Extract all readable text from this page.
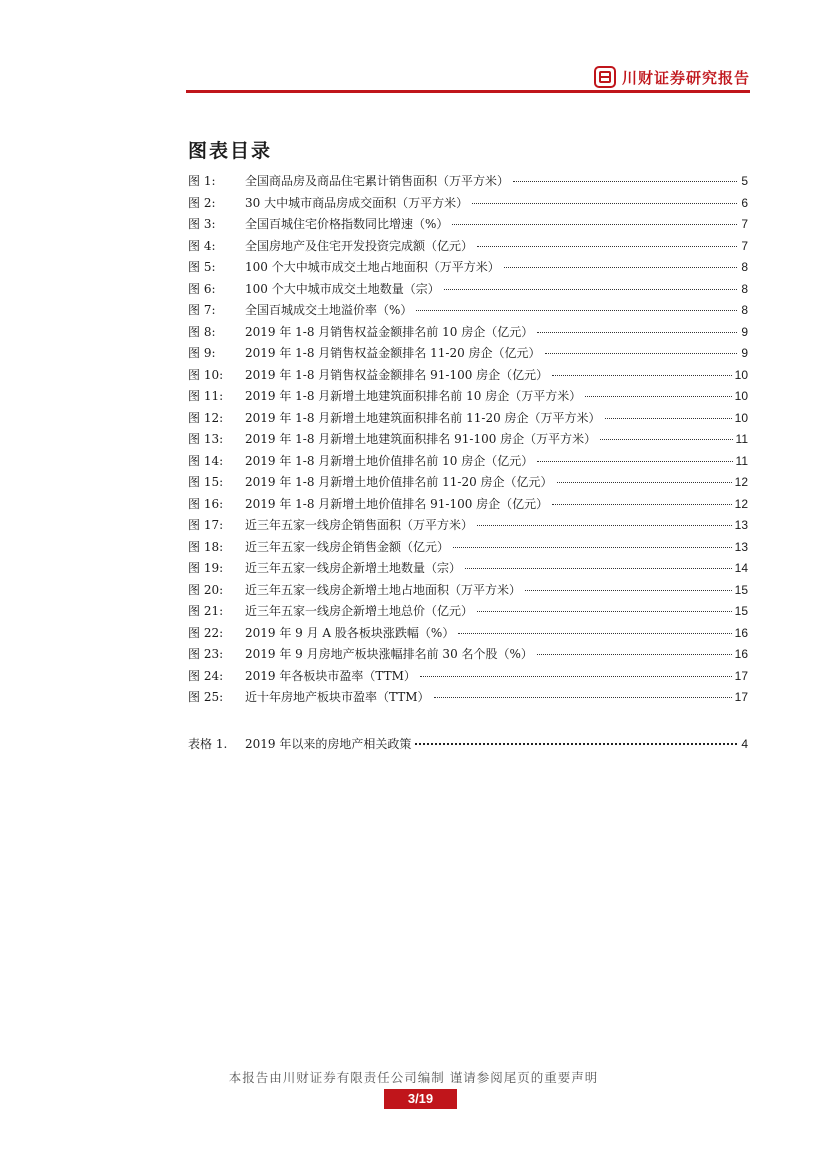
川财证券研究报告
图表目录
图 1:	全国商品房及商品住宅累计销售面积（万平方米）	5
图 2:	30 大中城市商品房成交面积（万平方米）	6
图 3:	全国百城住宅价格指数同比增速（%）	7
图 4:	全国房地产及住宅开发投资完成额（亿元）	7
图 5:	100 个大中城市成交土地占地面积（万平方米）	8
图 6:	100 个大中城市成交土地数量（宗）	8
图 7:	全国百城成交土地溢价率（%）	8
图 8:	2019 年 1-8 月销售权益金额排名前 10 房企（亿元）	9
图 9:	2019 年 1-8 月销售权益金额排名 11-20 房企（亿元）	9
图 10:	2019 年 1-8 月销售权益金额排名 91-100 房企（亿元）	10
图 11:	2019 年 1-8 月新增土地建筑面积排名前 10 房企（万平方米）	10
图 12:	2019 年 1-8 月新增土地建筑面积排名前 11-20 房企（万平方米）	10
图 13:	2019 年 1-8 月新增土地建筑面积排名 91-100 房企（万平方米）	11
图 14:	2019 年 1-8 月新增土地价值排名前 10 房企（亿元）	11
图 15:	2019 年 1-8 月新增土地价值排名前 11-20 房企（亿元）	12
图 16:	2019 年 1-8 月新增土地价值排名 91-100 房企（亿元）	12
图 17:	近三年五家一线房企销售面积（万平方米）	13
图 18:	近三年五家一线房企销售金额（亿元）	13
图 19:	近三年五家一线房企新增土地数量（宗）	14
图 20:	近三年五家一线房企新增土地占地面积（万平方米）	15
图 21:	近三年五家一线房企新增土地总价（亿元）	15
图 22:	2019 年 9 月 A 股各板块涨跌幅（%）	16
图 23:	2019 年 9 月房地产板块涨幅排名前 30 名个股（%）	16
图 24:	2019 年各板块市盈率（TTM）	17
图 25:	近十年房地产板块市盈率（TTM）	17
表格 1.	2019 年以来的房地产相关政策	4
本报告由川财证券有限责任公司编制 谨请参阅尾页的重要声明
3/19
